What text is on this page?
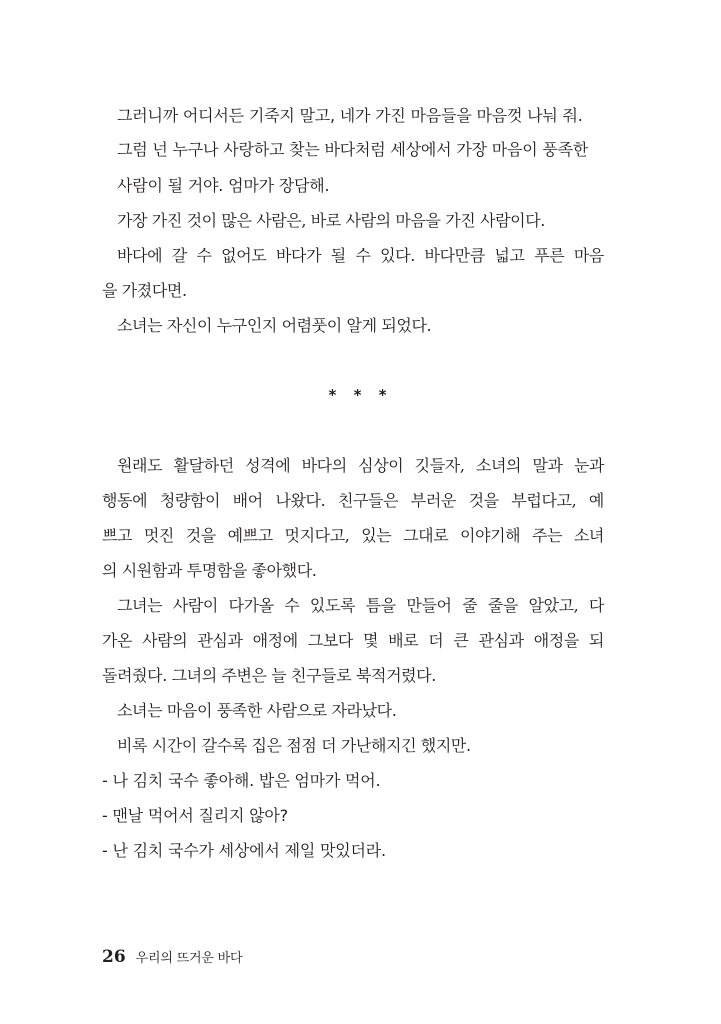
그러니까 어디서든 기죽지 말고, 네가 가진 마음들을 마음껏 나눠 줘.

그럼 넌 누구나 사랑하고 찾는 바다처럼 세상에서 가장 마음이 풍족한

사람이 될 거야. 엄마가 장담해.

가장 가진 것이 많은 사람은, 바로 사람의 마음을 가진 사람이다.

바다에 갈 수 없어도 바다가 될 수 있다. 바다만큼 넓고 푸른 마음

을 가졌다면.

소녀는 자신이 누구인지 어렴풋이 알게 되었다.

* * *

원래도 활달하던 성격에 바다의 심상이 깃들자, 소녀의 말과 눈과

행동에 청량함이 배어 나왔다. 친구들은 부러운 것을 부럽다고, 예

쁘고 멋진 것을 예쁘고 멋지다고, 있는 그대로 이야기해 주는 소녀

의 시원함과 투명함을 좋아했다.

그녀는 사람이 다가올 수 있도록 틈을 만들어 줄 줄을 알았고, 다

가온 사람의 관심과 애정에 그보다 몇 배로 더 큰 관심과 애정을 되

돌려줬다. 그녀의 주변은 늘 친구들로 북적거렸다.

소녀는 마음이 풍족한 사람으로 자라났다.

비록 시간이 갈수록 집은 점점 더 가난해지긴 했지만.

- 나 김치 국수 좋아해. 밥은 엄마가 먹어.

- 맨날 먹어서 질리지 않아?

- 난 김치 국수가 세상에서 제일 맛있더라.

26 우리의 뜨거운 바다
